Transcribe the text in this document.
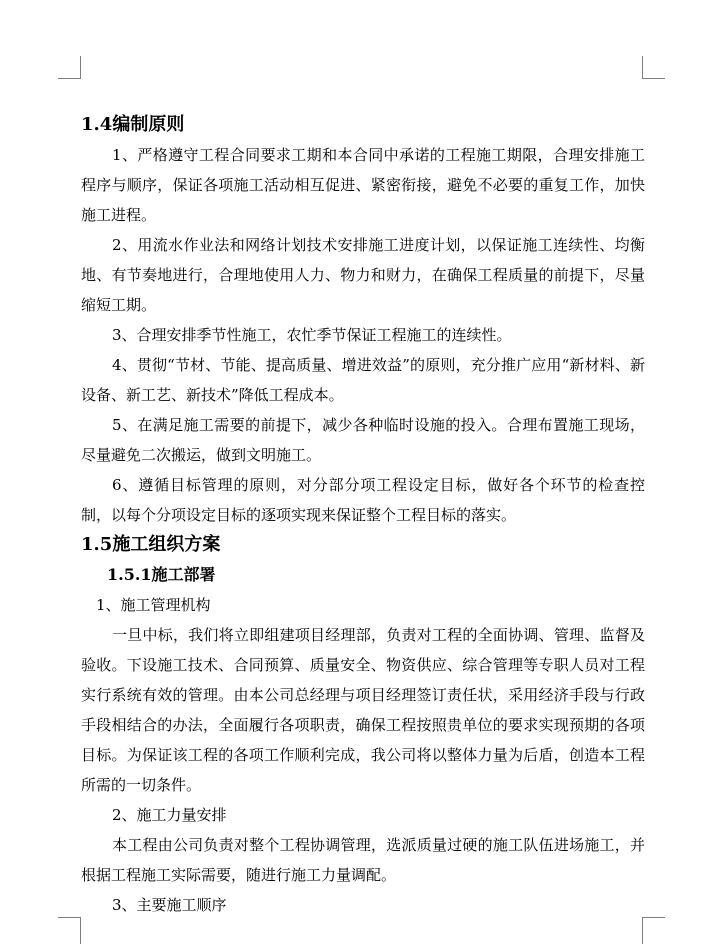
1.4编制原则
1、严格遵守工程合同要求工期和本合同中承诺的工程施工期限，合理安排施工程序与顺序，保证各项施工活动相互促进、紧密衔接，避免不必要的重复工作，加快施工进程。
2、用流水作业法和网络计划技术安排施工进度计划，以保证施工连续性、均衡地、有节奏地进行，合理地使用人力、物力和财力，在确保工程质量的前提下，尽量缩短工期。
3、合理安排季节性施工，农忙季节保证工程施工的连续性。
4、贯彻“节材、节能、提高质量、增进效益”的原则，充分推广应用“新材料、新设备、新工艺、新技术”降低工程成本。
5、在满足施工需要的前提下，减少各种临时设施的投入。合理布置施工现场，尽量避免二次搬运，做到文明施工。
6、遵循目标管理的原则，对分部分项工程设定目标，做好各个环节的检查控制，以每个分项设定目标的逐项实现来保证整个工程目标的落实。
1.5施工组织方案
1.5.1施工部署
1、施工管理机构
一旦中标，我们将立即组建项目经理部，负责对工程的全面协调、管理、监督及验收。下设施工技术、合同预算、质量安全、物资供应、综合管理等专职人员对工程实行系统有效的管理。由本公司总经理与项目经理签订责任状，采用经济手段与行政手段相结合的办法，全面履行各项职责，确保工程按照贵单位的要求实现预期的各项目标。为保证该工程的各项工作顺利完成，我公司将以整体力量为后盾，创造本工程所需的一切条件。
2、施工力量安排
本工程由公司负责对整个工程协调管理，选派质量过硬的施工队伍进场施工，并根据工程施工实际需要，随进行施工力量调配。
3、主要施工顺序
